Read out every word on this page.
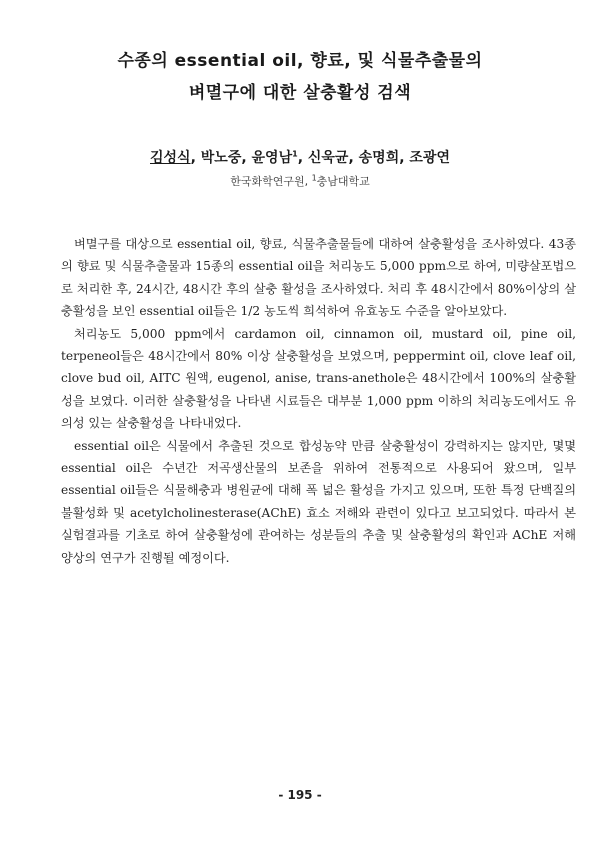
수종의 essential oil, 향료, 및 식물추출물의
벼멸구에 대한 살충활성 검색
김성식, 박노중, 윤영남$^1$, 신욱균, 송명희, 조광연
한국화학연구원, $^1$충남대학교

벼멸구를 대상으로 essential oil, 향료, 식물추출물들에 대하여 살충활성을 조사하였다. 43종의 향료 및 식물추출물과 15종의 essential oil을 처리농도 5,000 ppm으로 하여, 미량살포법으로 처리한 후, 24시간, 48시간 후의 살충 활성을 조사하였다. 처리 후 48시간에서 80%이상의 살충활성을 보인 essential oil들은 1/2 농도씩 희석하여 유효농도 수준을 알아보았다.

처리농도 5,000 ppm에서 cardamon oil, cinnamon oil, mustard oil, pine oil, terpeneol들은 48시간에서 80% 이상 살충활성을 보였으며, peppermint oil, clove leaf oil, clove bud oil, AITC 원액, eugenol, anise, trans-anethole은 48시간에서 100%의 살충활성을 보였다. 이러한 살충활성을 나타낸 시료들은 대부분 1,000 ppm 이하의 처리농도에서도 유의성 있는 살충활성을 나타내었다.

essential oil은 식물에서 추출된 것으로 합성농약 만큼 살충활성이 강력하지는 않지만, 몇몇 essential oil은 수년간 저곡생산물의 보존을 위하여 전통적으로 사용되어 왔으며, 일부 essential oil들은 식물해충과 병원균에 대해 폭 넓은 활성을 가지고 있으며, 또한 특정 단백질의 불활성화 및 acetylcholinesterase(AChE) 효소 저해와 관련이 있다고 보고되었다. 따라서 본 실험결과를 기초로 하여 살충활성에 관여하는 성분들의 추출 및 살충활성의 확인과 AChE 저해 양상의 연구가 진행될 예정이다.

- 195 -
